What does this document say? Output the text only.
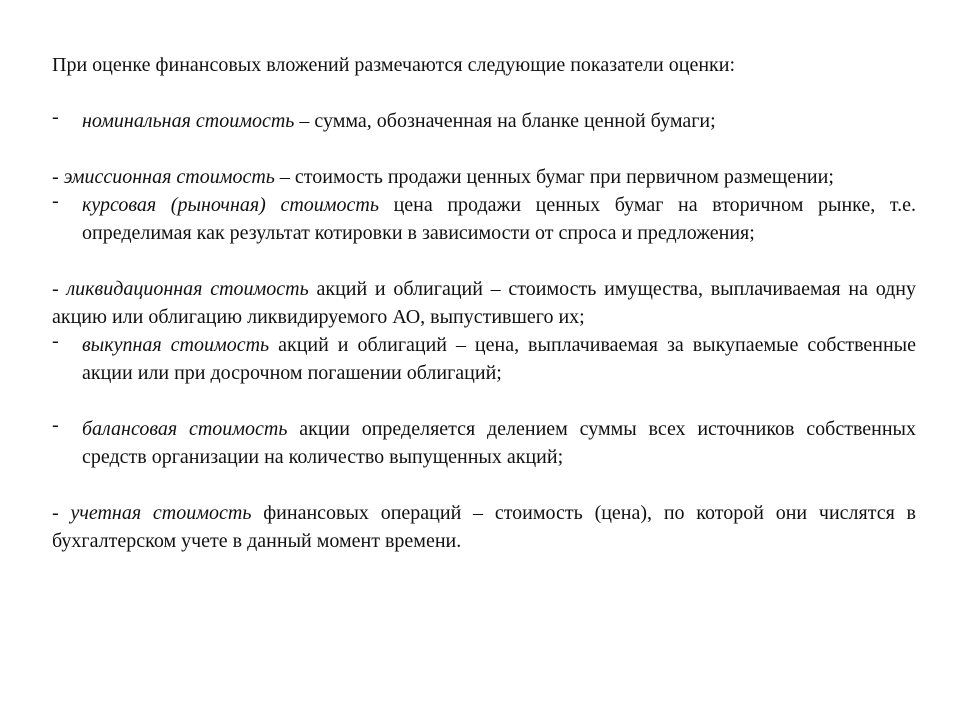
При оценке финансовых вложений размечаются следующие показатели оценки:

- номинальная стоимость – сумма, обозначенная на бланке ценной бумаги;

- эмиссионная стоимость – стоимость продажи ценных бумаг при первичном размещении;

- курсовая (рыночная) стоимость цена продажи ценных бумаг на вторичном рынке, т.е. определимая как результат котировки в зависимости от спроса и предложения;

- ликвидационная стоимость акций и облигаций – стоимость имущества, выплачиваемая на одну акцию или облигацию ликвидируемого АО, выпустившего их;

- выкупная стоимость акций и облигаций – цена, выплачиваемая за выкупаемые собственные акции или при досрочном погашении облигаций;
- балансовая стоимость акции определяется делением суммы всех источников собственных средств организации на количество выпущенных акций;

- учетная стоимость финансовых операций – стоимость (цена), по которой они числятся в бухгалтерском учете в данный момент времени.
